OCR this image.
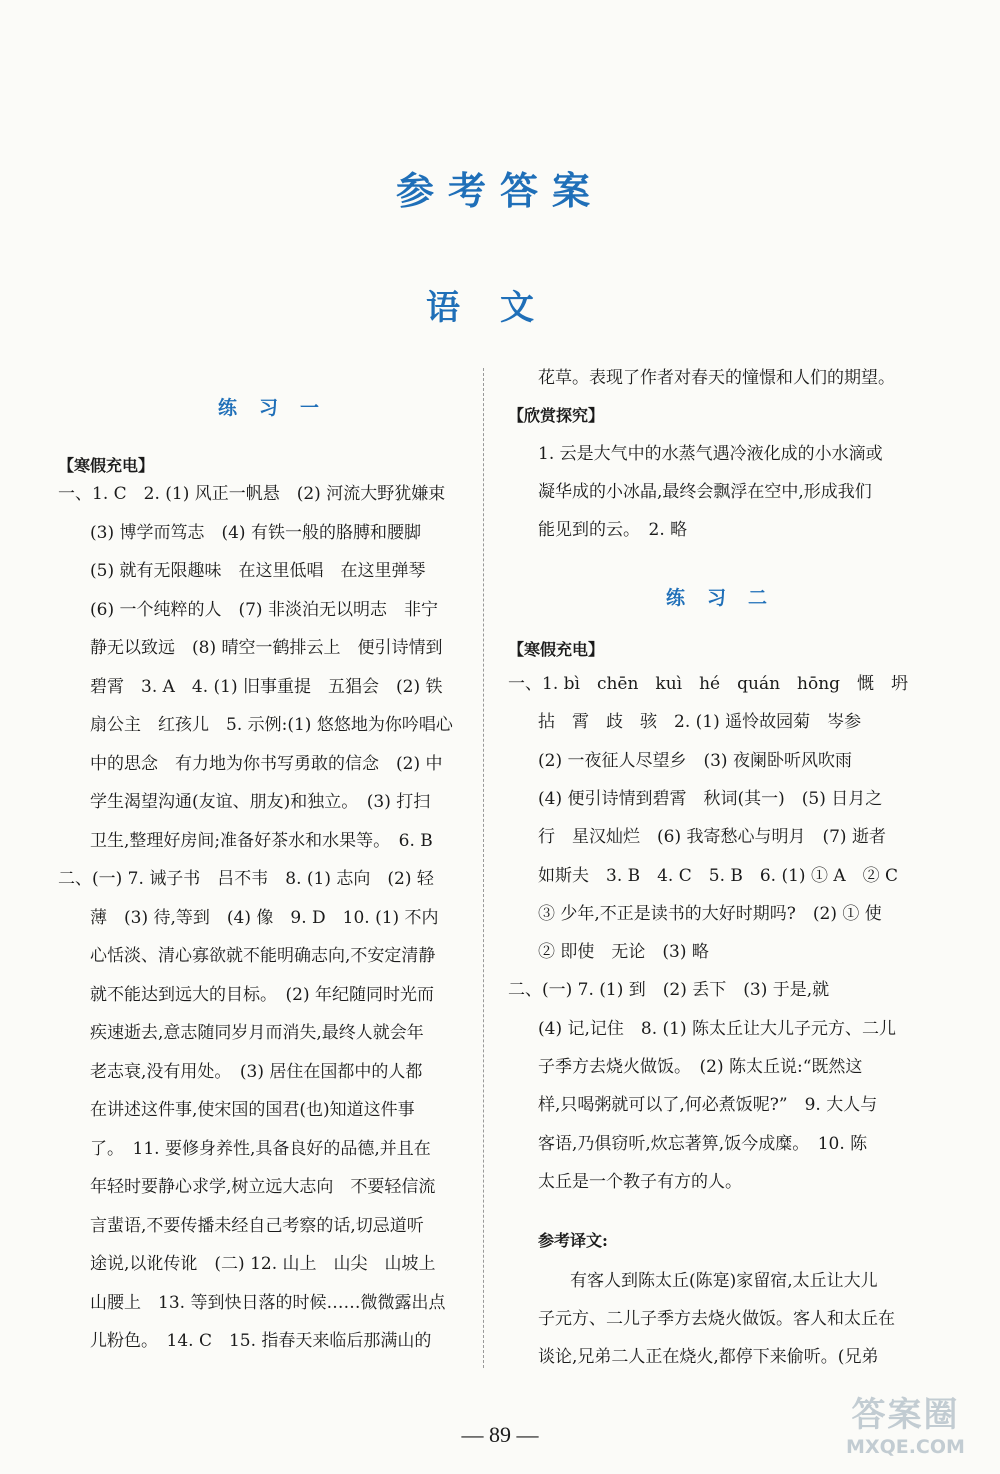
参考答案
语文
练习一
【寒假充电】
一、1. C　2. (1) 风正一帆悬　(2) 河流大野犹嫌束
(3) 博学而笃志　(4) 有铁一般的胳膊和腰脚
(5) 就有无限趣味　在这里低唱　在这里弹琴
(6) 一个纯粹的人　(7) 非淡泊无以明志　非宁
静无以致远　(8) 晴空一鹤排云上　便引诗情到
碧霄　3. A　4. (1) 旧事重提　五猖会　(2) 铁
扇公主　红孩儿　5. 示例:(1) 悠悠地为你吟唱心
中的思念　有力地为你书写勇敢的信念　(2) 中
学生渴望沟通(友谊、朋友)和独立。　(3) 打扫
卫生,整理好房间;准备好茶水和水果等。　6. B
二、(一) 7. 诫子书　吕不韦　8. (1) 志向　(2) 轻
薄　(3) 待,等到　(4) 像　9. D　10. (1) 不内
心恬淡、清心寡欲就不能明确志向,不安定清静
就不能达到远大的目标。　(2) 年纪随同时光而
疾速逝去,意志随同岁月而消失,最终人就会年
老志衰,没有用处。　(3) 居住在国都中的人都
在讲述这件事,使宋国的国君(也)知道这件事
了。　11. 要修身养性,具备良好的品德,并且在
年轻时要静心求学,树立远大志向　不要轻信流
言蜚语,不要传播未经自己考察的话,切忌道听
途说,以讹传讹　(二) 12. 山上　山尖　山坡上
山腰上　13. 等到快日落的时候……微微露出点
儿粉色。　14. C　15. 指春天来临后那满山的
花草。表现了作者对春天的憧憬和人们的期望。
【欣赏探究】
1. 云是大气中的水蒸气遇冷液化成的小水滴或
凝华成的小冰晶,最终会飘浮在空中,形成我们
能见到的云。　2. 略
练习二
【寒假充电】
一、1. bì　chēn　kuì　hé　quán　hōng　慨　坍
拈　霄　歧　骇　2. (1) 遥怜故园菊　岑参
(2) 一夜征人尽望乡　(3) 夜阑卧听风吹雨
(4) 便引诗情到碧霄　秋词(其一)　(5) 日月之
行　星汉灿烂　(6) 我寄愁心与明月　(7) 逝者
如斯夫　3. B　4. C　5. B　6. (1) ① A　② C
③ 少年,不正是读书的大好时期吗?　(2) ① 使
② 即使　无论　(3) 略
二、(一) 7. (1) 到　(2) 丢下　(3) 于是,就
(4) 记,记住　8. (1) 陈太丘让大儿子元方、二儿
子季方去烧火做饭。　(2) 陈太丘说:“既然这
样,只喝粥就可以了,何必煮饭呢?”　9. 大人与
客语,乃俱窃听,炊忘著箅,饭今成糜。　10. 陈
太丘是一个教子有方的人。
参考译文:
有客人到陈太丘(陈寔)家留宿,太丘让大儿
子元方、二儿子季方去烧火做饭。客人和太丘在
谈论,兄弟二人正在烧火,都停下来偷听。(兄弟
— 89 —	答案圈
MXQE.COM
